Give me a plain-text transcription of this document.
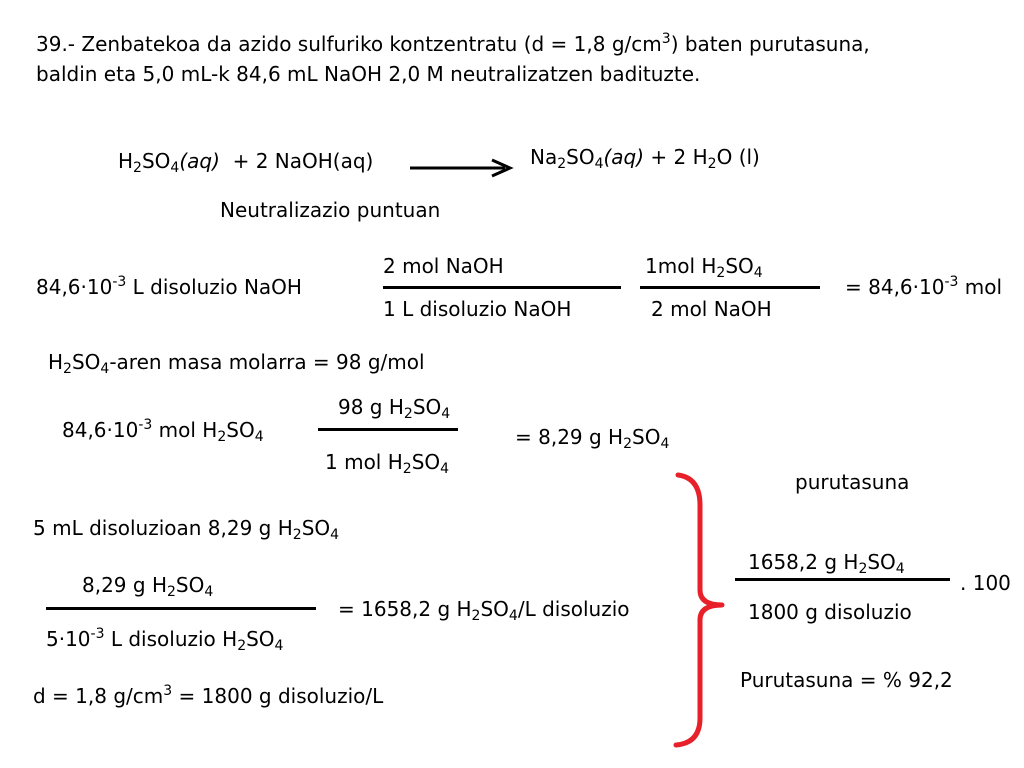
39.- Zenbatekoa da azido sulfuriko kontzentratu (d = 1,8 $g/cm^3$) baten purutasuna,
baldin eta 5,0 mL-k 84,6 mL NaOH 2,0 M neutralizatzen badituzte.
$H_2SO_4(aq) + 2$ NaOH(aq)	$Na_2SO_4(aq) + 2$ $H_2O$ (l)
Neutralizazio puntuan
$84,6\cdot 10^{-3}$ L disoluzio NaOH
2 mol NaOH
1 L disoluzio NaOH
1mol $H_2SO_4$
2 mol NaOH
= $84,6\cdot 10^{-3}$ mol
$H_2SO_4$-aren masa molarra = 98 g/mol
$84,6\cdot 10^{-3}$ mol $H_2SO_4$
98 g $H_2SO_4$
1 mol $H_2SO_4$
= 8,29 g $H_2SO_4$
5 mL disoluzioan 8,29 g $H_2SO_4$
8,29 g $H_2SO_4$
$5\cdot 10^{-3}$ L disoluzio $H_2SO_4$
= 1658,2 g $H_2SO_4/L$ disoluzio
d = 1,8 $g/cm^3 = 1800$ g disoluzio/L
purutasuna
1658,2 g $H_2SO_4$
1800 g disoluzio
. 100
Purutasuna = % 92,2
